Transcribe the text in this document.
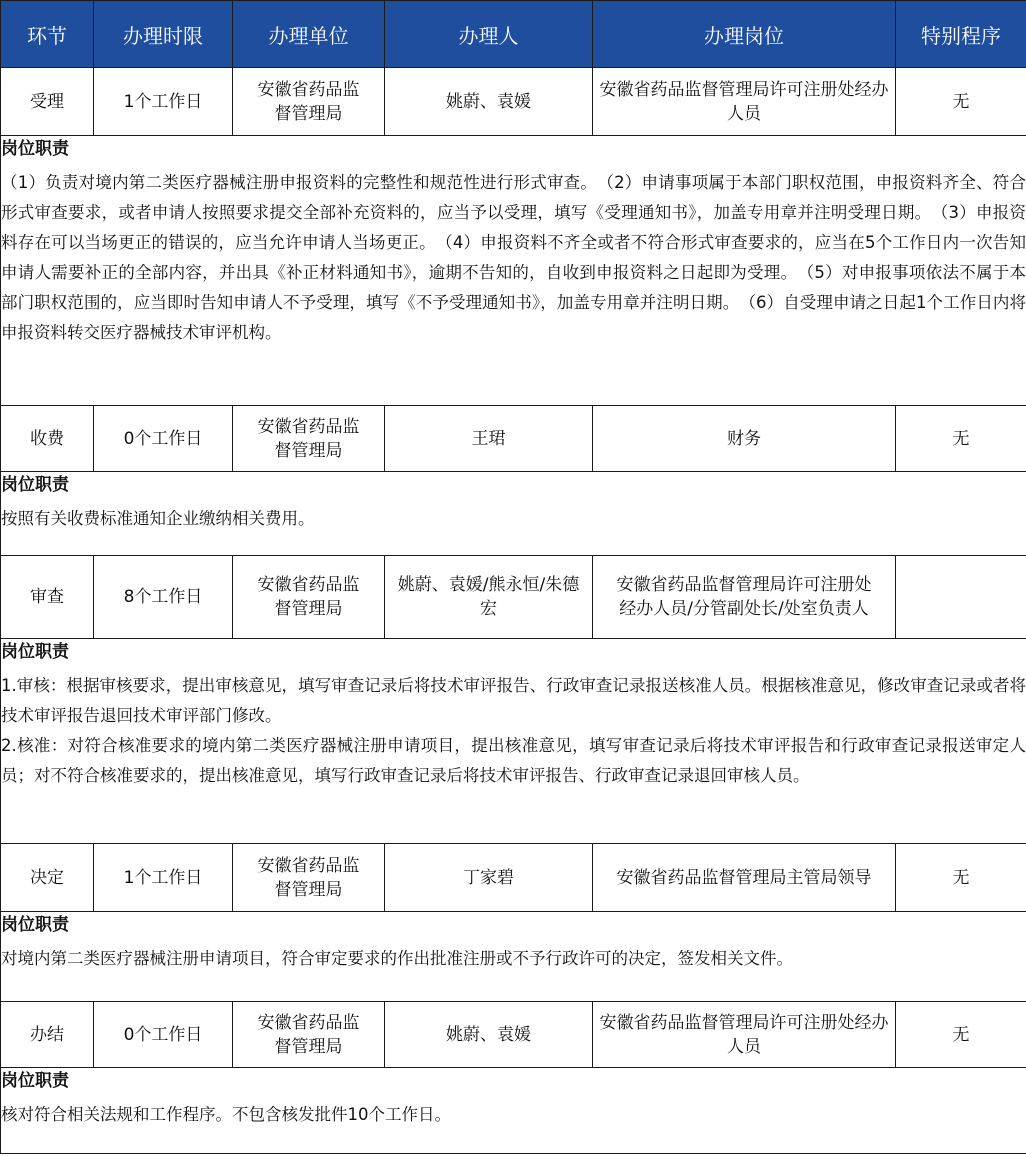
环节	办理时限	办理单位	办理人	办理岗位	特别程序
受理	1个工作日	安徽省药品监督管理局	姚蔚、袁媛	安徽省药品监督管理局许可注册处经办人员	无

岗位职责
（1）负责对境内第二类医疗器械注册申报资料的完整性和规范性进行形式审查。　（2）申请事项属于本部门职权范围，申报资料齐全、符合形式审查要求，或者申请人按照要求提交全部补充资料的，应当予以受理，填写《受理通知书》，加盖专用章并注明受理日期。　（3）申报资料存在可以当场更正的错误的，应当允许申请人当场更正。　（4）申报资料不齐全或者不符合形式审查要求的，应当在5个工作日内一次告知申请人需要补正的全部内容，并出具《补正材料通知书》，逾期不告知的，自收到申报资料之日起即为受理。　（5）对申报事项依法不属于本部门职权范围的，应当即时告知申请人不予受理，填写《不予受理通知书》，加盖专用章并注明日期。　（6）自受理申请之日起1个工作日内将申报资料转交医疗器械技术审评机构。					

收费	0个工作日	安徽省药品监督管理局	王珺	财务	无

岗位职责
按照有关收费标准通知企业缴纳相关费用。					

审查	8个工作日	安徽省药品监督管理局	姚蔚、袁媛/熊永恒/朱德宏	安徽省药品监督管理局许可注册处经办人员/分管副处长/处室负责人	

岗位职责
1.审核：根据审核要求，提出审核意见，填写审查记录后将技术审评报告、行政审查记录报送核准人员。根据核准意见，修改审查记录或者将技术审评报告退回技术审评部门修改。
2.核准：对符合核准要求的境内第二类医疗器械注册申请项目，提出核准意见，填写审查记录后将技术审评报告和行政审查记录报送审定人员；对不符合核准要求的，提出核准意见，填写行政审查记录后将技术审评报告、行政审查记录退回审核人员。					

决定	1个工作日	安徽省药品监督管理局	丁家碧	安徽省药品监督管理局主管局领导	无

岗位职责
对境内第二类医疗器械注册申请项目，符合审定要求的作出批准注册或不予行政许可的决定，签发相关文件。					

办结	0个工作日	安徽省药品监督管理局	姚蔚、袁媛	安徽省药品监督管理局许可注册处经办人员	无

岗位职责
核对符合相关法规和工作程序。不包含核发批件10个工作日。					
